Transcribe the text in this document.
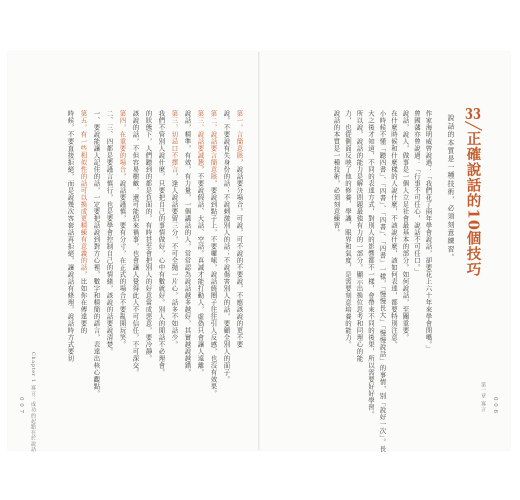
0 0 7 Chapter 1 寡言：成功的起點在於說話
第一，言簡意賅，說話要分場合。可說，可不說的不要說，不應該說的更不要
說。不要說有失身份的話；不說刺激別人的話；不說傷害別人的話，要顧全別人的面子。
第二，說話要言簡意賅，要說到點子上，不要囉嗦，說話繞圈子往往引人反感，也沒有效果。
第三，說話要誠懇，不要說假話、大話、空話。真誠才能打動人，虛偽只會讓人遠離。
說話，精準，有效，有力量，一個講話的人，常常認為說話越多越好，其實越說越錯。
第三，切忌口不擇言，逢人說話要留三分，不可全抛一片心，話多不如話少。
我們不管別人說什麼，只要把自己的事情做好，心中有數就好。別人的閒話不必理會。
的狀態下，人們聽到的都是負面的，有時甚至會把別人的好意當成惡意，要冷靜。
該說的話，不但容易樹敵，還可能招來禍事，也會讓人覺得此人不可信任，不可深交。
第四，在重要的場合，說話要謹慎，要有分寸，在正式的場合不要亂開玩笑。
二、三、四都是要謹言慎行，也是要學會控制自己的情緒，該說的話要說清楚。
一、要說能讓人記住的話，一定要把話說到對方心裡，數字和精簡的語言，表達出核心觀點。
第五，有一些相似性的話可以換成更精練有意義的話，比如你在傳達要的
時候，不要直接拒絕，而是說幾次客套話再拒絕，讓說話有條理，說話時方式要切	33╱正確說話的10個技巧
說話的本質是一種技術，必須刻意練習。
作家海明威曾說過：「我們花了兩年學會說話，卻要花上六十年來學會閉嘴。」
曾國藩亦曾說過：「行事不可任心，說話不可任口。」
說話，說人，做事是一個人立足社會最基本的部分。如何說話，至關重要。
在什麼時候和什麼樣的人說什麼，不該說什麼，該如何表達，都要特別注意。
小時候不懂「聽四書」、「四書」、「四書」、「四書」一樣，「慢慢長大」「慢慢說話」的事情，別「說好一次」。長
大之後才知道，不同的表達方式，對別人的影響都不一樣，會帶來不同的後果，所以需要好好學習。
所以說，說話的能力是解決問題最強有力的一部分。顯示出換位思考和同理心的能
力，也從側面反映了他的修養、學識、眼界和氣度，是需要刻意培養的能力。
說話的本質是一種技術，必須刻意練習。
第一章 寡言 0 0 6
